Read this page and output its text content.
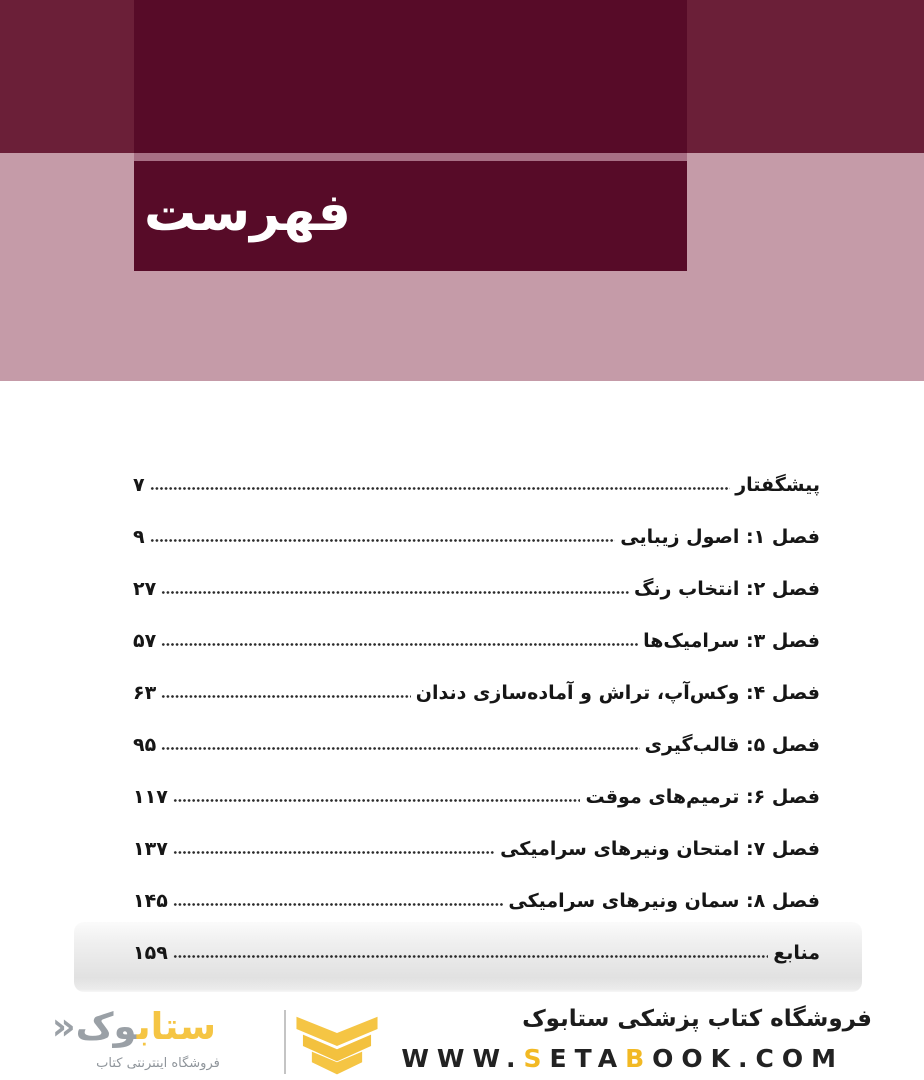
فهرست
۷	پیشگفتار
۹	فصل ۱: اصول زیبایی
۲۷	فصل ۲: انتخاب رنگ
۵۷	فصل ۳: سرامیک‌ها
۶۳	فصل ۴: وکس‌آپ، تراش و آماده‌سازی دندان
۹۵	فصل ۵: قالب‌گیری
۱۱۷	فصل ۶: ترمیم‌های موقت
۱۳۷	فصل ۷: امتحان ونیرهای سرامیکی
۱۴۵	فصل ۸: سمان ونیرهای سرامیکی
۱۵۹	منابع
فروشگاه کتاب پزشکی ستابوک
WWW.SETABOOK.COM
ستابوک«
فروشگاه اینترنتی کتاب
